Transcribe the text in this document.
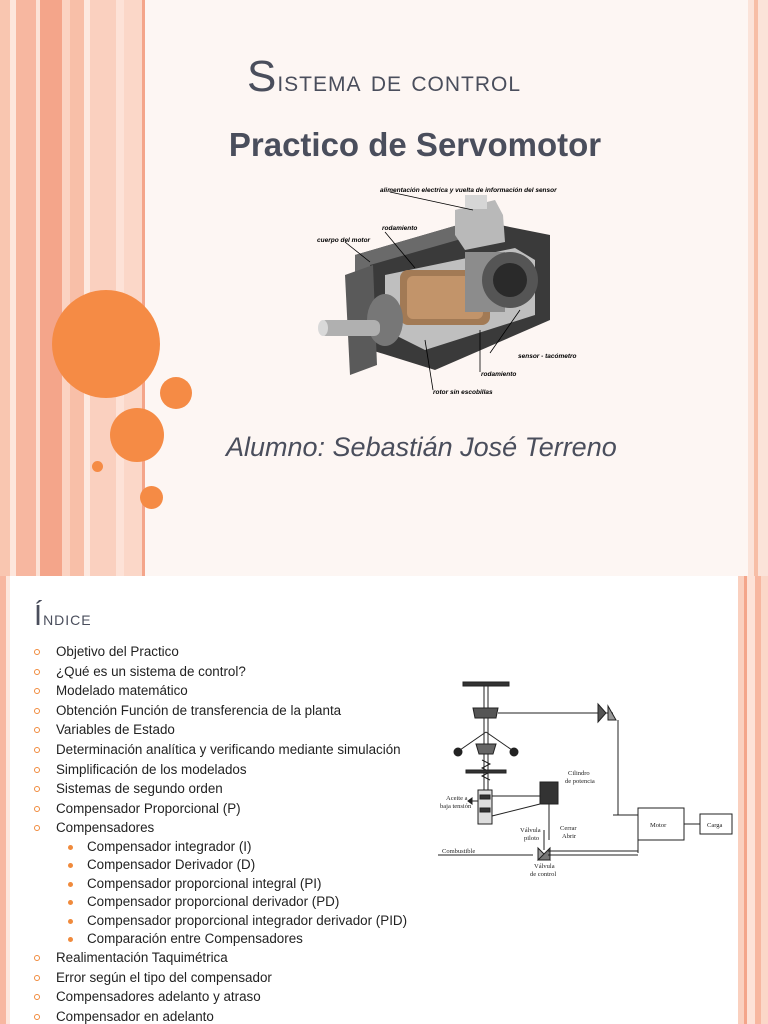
Sistema de control
Practico de Servomotor
alimentación electrica y vuelta de información del sensor
rodamiento
cuerpo del motor
sensor - tacómetro
rodamiento
rotor sin escobillas
Alumno: Sebastián José Terreno
Índice
Objetivo del Practico
¿Qué es un sistema de control?
Modelado matemático
Obtención Función de transferencia de la planta
Variables de Estado
Determinación analítica y verificando mediante simulación
Simplificación de los modelados
Sistemas de segundo orden
Compensador Proporcional (P)
Compensadores
Compensador integrador (I)
Compensador Derivador (D)
Compensador proporcional integral (PI)
Compensador proporcional derivador (PD)
Compensador proporcional integrador derivador (PID)
Comparación entre Compensadores
Realimentación Taquimétrica
Error según el tipo del compensador
Compensadores adelanto y atraso
Compensador en adelanto
Cilindro
de potencia
Aceite a
baja tensión
Válvula
piloto
Cerrar
Abrir
Motor	Carga
Combustible
Válvula
de control
